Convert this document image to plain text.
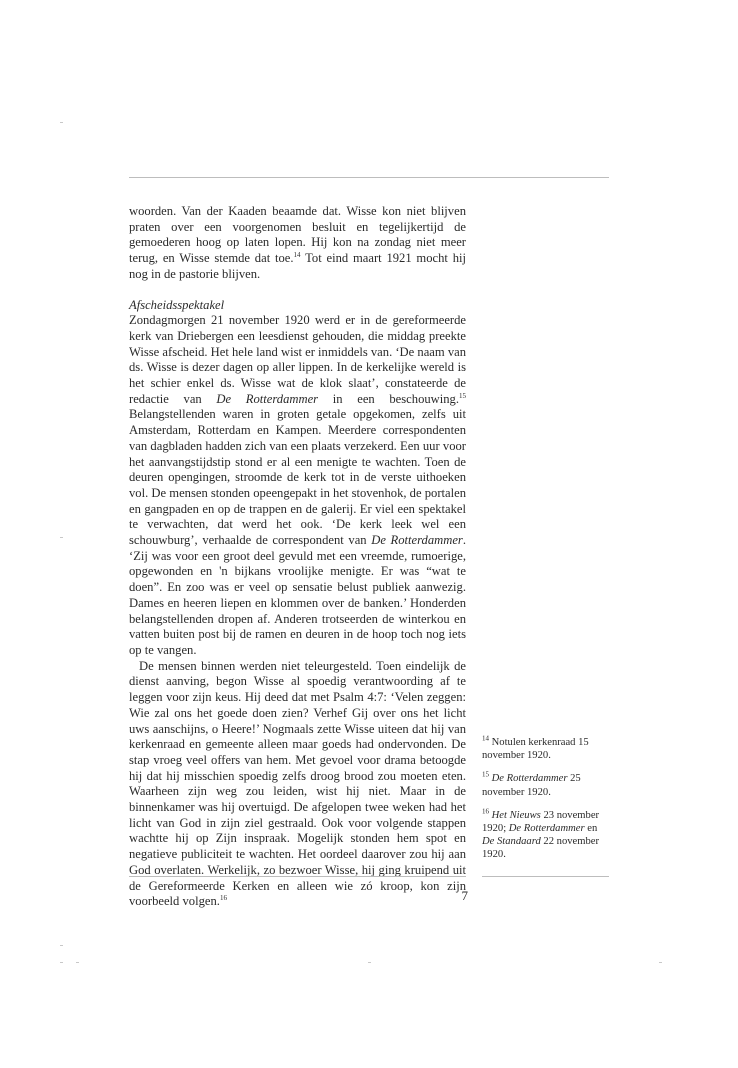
woorden. Van der Kaaden beaamde dat. Wisse kon niet blijven praten over een voorgenomen besluit en tegelijkertijd de gemoederen hoog op laten lopen. Hij kon na zondag niet meer terug, en Wisse stemde dat toe.$^{14}$ Tot eind maart 1921 mocht hij nog in de pastorie blijven.

Afscheidsspektakel

Zondagmorgen 21 november 1920 werd er in de gereformeerde kerk van Driebergen een leesdienst gehouden, die middag preekte Wisse afscheid. Het hele land wist er inmiddels van. ‘De naam van ds. Wisse is dezer dagen op aller lippen. In de kerkelijke wereld is het schier enkel ds. Wisse wat de klok slaat’, constateerde de redactie van De Rotterdammer in een beschouwing.$^{15}$ Belangstellenden waren in groten getale opgekomen, zelfs uit Amsterdam, Rotterdam en Kampen. Meerdere correspondenten van dagbladen hadden zich van een plaats verzekerd. Een uur voor het aanvangstijdstip stond er al een menigte te wachten. Toen de deuren opengingen, stroomde de kerk tot in de verste uithoeken vol. De mensen stonden opeengepakt in het stovenhok, de portalen en gangpaden en op de trappen en de galerij. Er viel een spektakel te verwachten, dat werd het ook. ‘De kerk leek wel een schouwburg’, verhaalde de correspondent van De Rotterdammer. ‘Zij was voor een groot deel gevuld met een vreemde, rumoerige, opgewonden en 'n bijkans vroolijke menigte. Er was “wat te doen”. En zoo was er veel op sensatie belust publiek aanwezig. Dames en heeren liepen en klommen over de banken.’ Honderden belangstellenden dropen af. Anderen trotseerden de winterkou en vatten buiten post bij de ramen en deuren in de hoop toch nog iets op te vangen.

De mensen binnen werden niet teleurgesteld. Toen eindelijk de dienst aanving, begon Wisse al spoedig verantwoording af te leggen voor zijn keus. Hij deed dat met Psalm 4:7: ‘Velen zeggen: Wie zal ons het goede doen zien? Verhef Gij over ons het licht uws aanschijns, o Heere!’ Nogmaals zette Wisse uiteen dat hij van kerkenraad en gemeente alleen maar goeds had ondervonden. De stap vroeg veel offers van hem. Met gevoel voor drama betoogde hij dat hij misschien spoedig zelfs droog brood zou moeten eten. Waarheen zijn weg zou leiden, wist hij niet. Maar in de binnenkamer was hij overtuigd. De afgelopen twee weken had het licht van God in zijn ziel gestraald. Ook voor volgende stappen wachtte hij op Zijn inspraak. Mogelijk stonden hem spot en negatieve publiciteit te wachten. Het oordeel daarover zou hij aan God overlaten. Werkelijk, zo bezwoer Wisse, hij ging kruipend uit de Gereformeerde Kerken en alleen wie zó kroop, kon zijn voorbeeld volgen.$^{16}$

$^{14}$ Notulen kerkenraad 15 november 1920.

$^{15}$ De Rotterdammer 25 november 1920.

$^{16}$ Het Nieuws 23 november 1920; De Rotterdammer en De Standaard 22 november 1920.

7
